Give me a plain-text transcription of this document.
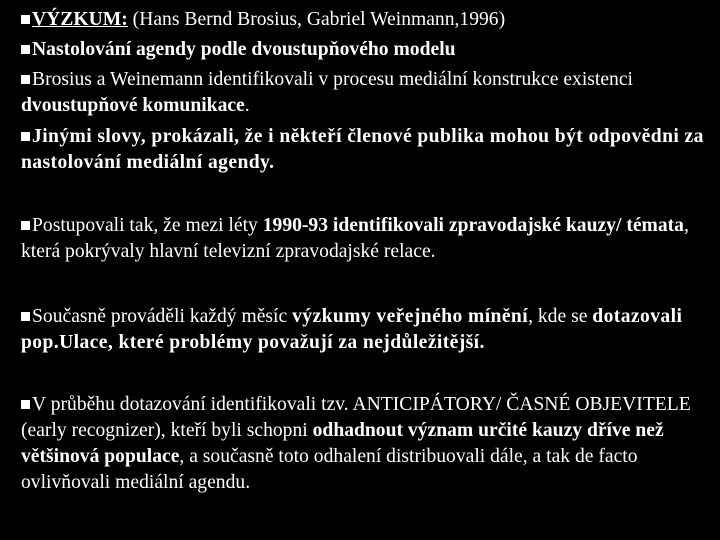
VÝZKUM: (Hans Bernd Brosius, Gabriel Weinmann,1996)

Nastolování agendy podle dvoustupňového modelu

Brosius a Weinemann identifikovali v procesu mediální konstrukce existenci dvoustupňové komunikace.

Jinými slovy, prokázali, že i někteří členové publika mohou být odpovědni za nastolování mediální agendy.

Postupovali tak, že mezi léty 1990-93 identifikovali zpravodajské kauzy/ témata, která pokrývaly hlavní televizní zpravodajské relace.

Současně prováděli každý měsíc výzkumy veřejného mínění, kde se dotazovali pop.Ulace, které problémy považují za nejdůležitější.

V průběhu dotazování identifikovali tzv. ANTICIPÁTORY/ ČASNÉ OBJEVITELE (early recognizer), kteří byli schopni odhadnout význam určité kauzy dříve než většinová populace, a současně toto odhalení distribuovali dále, a tak de facto ovlivňovali mediální agendu.
